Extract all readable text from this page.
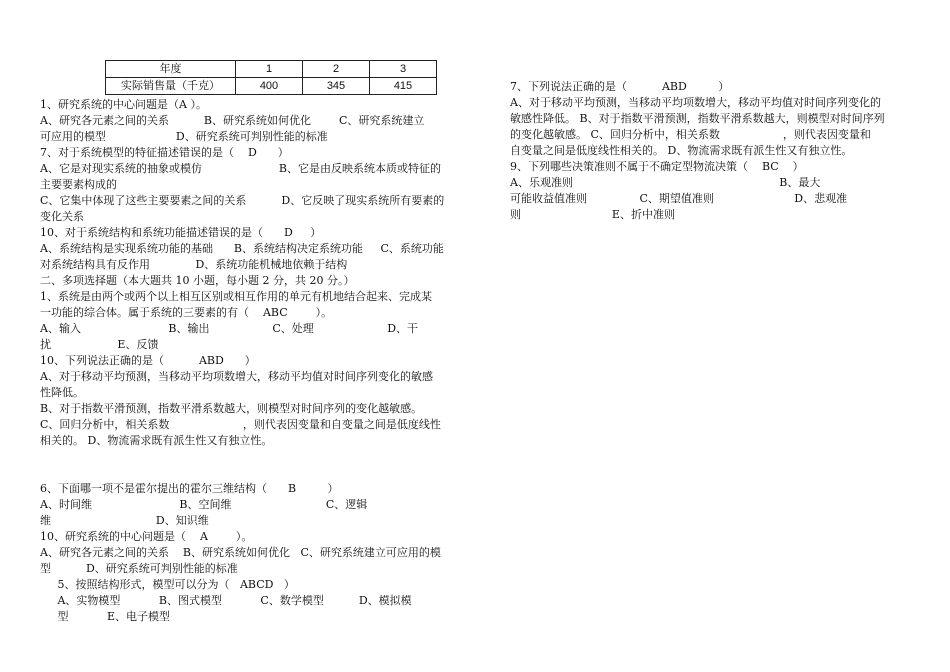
年度	1	2	3
实际销售量（千克）	400	345	415

1、研究系统的中心问题是（A ）。

A、研究各元素之间的关系          B、研究系统如何优化        C、研究系统建立

可应用的模型                    D、研究系统可判别性能的标准

7、对于系统模型的特征描述错误的是（    D      ）

A、它是对现实系统的抽象或模仿                      B、它是由反映系统本质或特征的

主要要素构成的

C、它集中体现了这些主要要素之间的关系          D、它反映了现实系统所有要素的

变化关系

10、对于系统结构和系统功能描述错误的是（      D     ）

A、系统结构是实现系统功能的基础      B、系统结构决定系统功能     C、系统功能

对系统结构具有反作用             D、系统功能机械地依赖于结构

二、多项选择题（本大题共 10 小题，每小题 2 分，共 20 分。）

1、系统是由两个或两个以上相互区别或相互作用的单元有机地结合起来、完成某

一功能的综合体。属于系统的三要素的有（    ABC        ）。

A、输入                         B、输出                  C、处理                     D、干

扰                   E、反馈

10、下列说法正确的是（          ABD      ）

A、对于移动平均预测，当移动平均项数增大，移动平均值对时间序列变化的敏感

性降低。

B、对于指数平滑预测，指数平滑系数越大，则模型对时间序列的变化越敏感。

C、回归分析中，相关系数                     ，则代表因变量和自变量之间是低度线性

相关的。 D、物流需求既有派生性又有独立性。

6、下面哪一项不是霍尔提出的霍尔三维结构（      B         ）

A、时间维                         B、空间维                           C、逻辑

维                              D、知识维

10、研究系统的中心问题是（    A        ）。

A、研究各元素之间的关系    B、研究系统如何优化   C、研究系统建立可应用的模

型          D、研究系统可判别性能的标准

5、按照结构形式，模型可以分为（   ABCD   ）

A、实物模型           B、图式模型           C、数学模型          D、模拟模

型           E、电子模型

7、下列说法正确的是（          ABD         ）

A、对于移动平均预测，当移动平均项数增大，移动平均值对时间序列变化的

敏感性降低。 B、对于指数平滑预测，指数平滑系数越大，则模型对时间序列

的变化越敏感。 C、回归分析中，相关系数                  ，则代表因变量和

自变量之间是低度线性相关的。 D、物流需求既有派生性又有独立性。

9、下列哪些决策准则不属于不确定型物流决策（    BC    ）

A、乐观准则                                                           B、最大

可能收益值准则               C、期望值准则                       D、悲观准

则                          E、折中准则
